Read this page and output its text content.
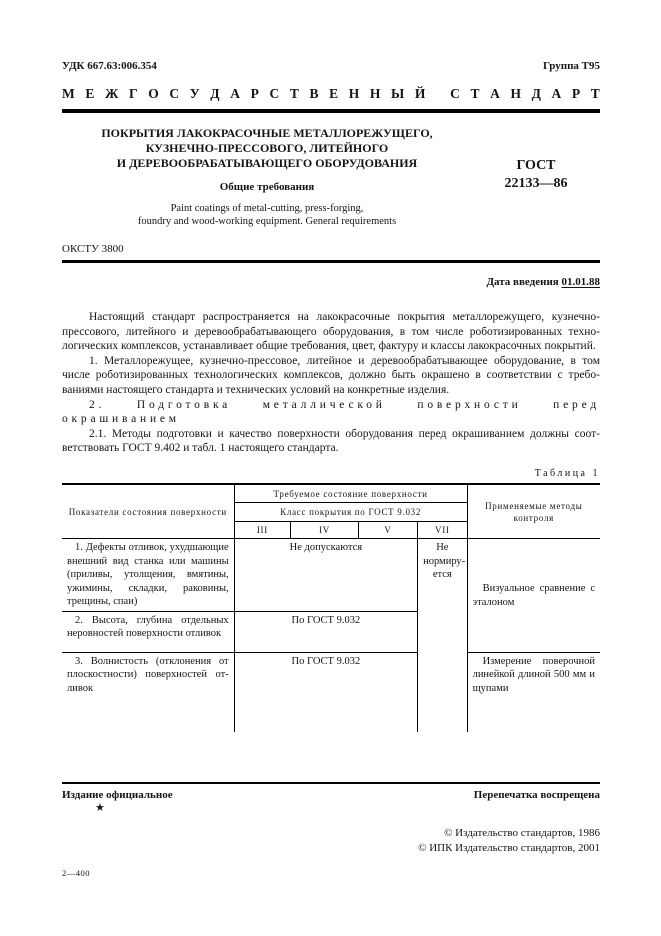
УДК 667.63:006.354	Группа Т95
М Е Ж Г О С У Д А Р С Т В Е Н Н Ы Й
С Т А Н Д А Р Т
ПОКРЫТИЯ ЛАКОКРАСОЧНЫЕ МЕТАЛЛОРЕЖУЩЕГО,
КУЗНЕЧНО-ПРЕССОВОГО, ЛИТЕЙНОГО
И ДЕРЕВООБРАБАТЫВАЮЩЕГО ОБОРУДОВАНИЯ
Общие требования
Paint coatings of metal-cutting, press-forging,
foundry and wood-working equipment. General requirements
ГОСТ
22133—86
ОКСТУ 3800
Дата введения 01.01.88

Настоящий стандарт распространяется на лакокрасочные покрытия металлорежущего, кузнечно-прессового, литейного и деревообрабатывающего оборудования, в том числе роботизированных технологических комплексов, устанавливает общие требования, цвет, фактуру и классы лакокрасочных покрытий.

1. Металлорежущее, кузнечно-прессовое, литейное и деревообрабатывающее оборудование, в том числе роботизированных технологических комплексов, должно быть окрашено в соответствии с требованиями настоящего стандарта и технических условий на конкретные изделия.

2. Подготовка металлической поверхности перед окрашиванием

2.1. Методы подготовки и качество поверхности оборудования перед окрашиванием должны соответствовать ГОСТ 9.402 и табл. 1 настоящего стандарта.

Таблица 1
Показатели состояния поверхности	Требуемое состояние поверхности				Применяемые методы контроля
	Класс покрытия по ГОСТ 9.032				
	III	IV	V	VII	
1. Дефекты отливок, ухудшающие внешний вид станка или машины (приливы, утолщения, вмятины, ужимины, складки, раковины, трещины, спаи)	Не допускаются			Не нормируется	Визуальное сравнение с эталоном
2. Высота, глубина отдельных неровностей поверхности отливок	По ГОСТ 9.032				
3. Волнистость (отклонения от плоскостности) поверхностей отливок	По ГОСТ 9.032				Измерение поверочной линейкой длиной 500 мм и щупами
Издание официальное	Перепечатка воспрещена
★
© Издательство стандартов, 1986
© ИПК Издательство стандартов, 2001
2—400
